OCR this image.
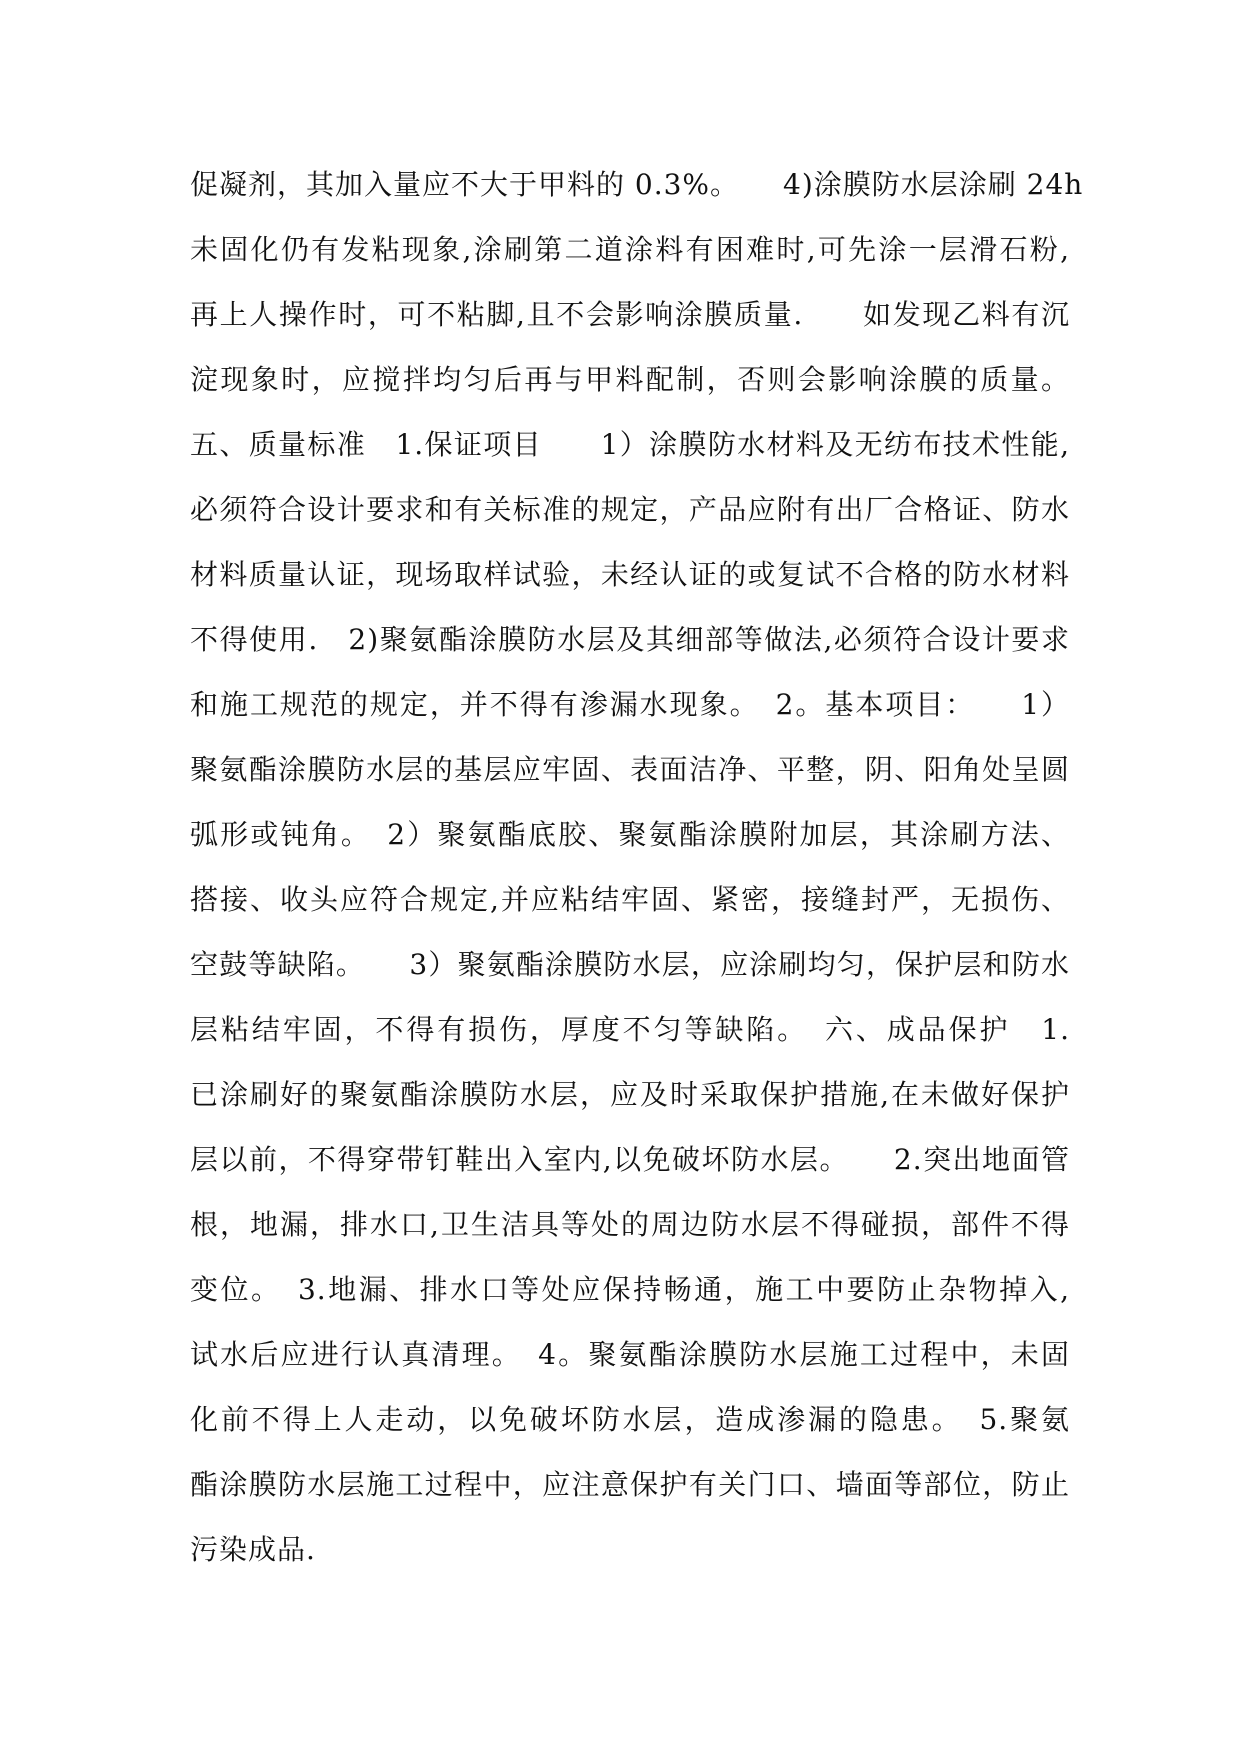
促凝剂，其加入量应不大于甲料的 0.3%。　　4)涂膜防水层涂刷 24h
未固化仍有发粘现象,涂刷第二道涂料有困难时,可先涂一层滑石粉,
再上人操作时，可不粘脚,且不会影响涂膜质量.　　如发现乙料有沉
淀现象时，应搅拌均匀后再与甲料配制，否则会影响涂膜的质量。
五、质量标准　1.保证项目　　1）涂膜防水材料及无纺布技术性能,
必须符合设计要求和有关标准的规定，产品应附有出厂合格证、防水
材料质量认证，现场取样试验，未经认证的或复试不合格的防水材料
不得使用.　2)聚氨酯涂膜防水层及其细部等做法,必须符合设计要求
和施工规范的规定，并不得有渗漏水现象。　2。基本项目：　　1）
聚氨酯涂膜防水层的基层应牢固、表面洁净、平整，阴、阳角处呈圆
弧形或钝角。　2）聚氨酯底胶、聚氨酯涂膜附加层，其涂刷方法、
搭接、收头应符合规定,并应粘结牢固、紧密，接缝封严，无损伤、
空鼓等缺陷。　　3）聚氨酯涂膜防水层，应涂刷均匀，保护层和防水
层粘结牢固，不得有损伤，厚度不匀等缺陷。　六、成品保护　1.
已涂刷好的聚氨酯涂膜防水层，应及时采取保护措施,在未做好保护
层以前，不得穿带钉鞋出入室内,以免破坏防水层。　　2.突出地面管
根，地漏，排水口,卫生洁具等处的周边防水层不得碰损，部件不得
变位。　3.地漏、排水口等处应保持畅通，施工中要防止杂物掉入,
试水后应进行认真清理。　4。聚氨酯涂膜防水层施工过程中，未固
化前不得上人走动，以免破坏防水层，造成渗漏的隐患。　5.聚氨
酯涂膜防水层施工过程中，应注意保护有关门口、墙面等部位，防止
污染成品.
